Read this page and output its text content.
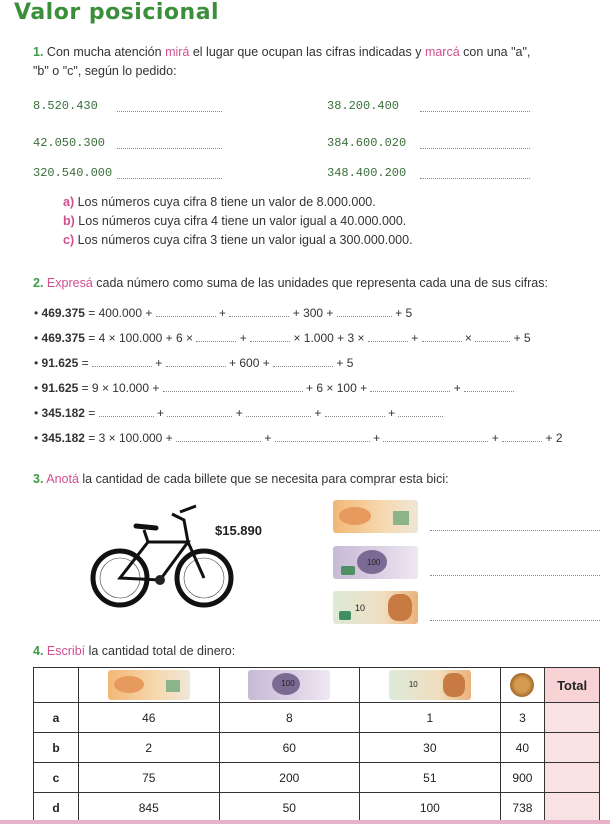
Valor posicional
1. Con mucha atención mirá el lugar que ocupan las cifras indicadas y marcá con una "a",
"b" o "c", según lo pedido:
8.520.430	38.200.400
42.050.300	384.600.020
320.540.000	348.400.200
a) Los números cuya cifra 8 tiene un valor de 8.000.000.
b) Los números cuya cifra 4 tiene un valor igual a 40.000.000.
c) Los números cuya cifra 3 tiene un valor igual a 300.000.000.
2. Expresá cada número como suma de las unidades que representa cada una de sus cifras:
• 469.375 = 400.000 +	+	+ 300 +	+ 5
• 469.375 = 4 × 100.000 + 6 ×	+	× 1.000 + 3 ×	+	×	+ 5
• 91.625 =	+	+ 600 +	+ 5
• 91.625 = 9 × 10.000 +	+ 6 × 100 +	+
• 345.182 =	+	+	+	+
• 345.182 = 3 × 100.000 +	+	+	+	+ 2
3. Anotá la cantidad de cada billete que se necesita para comprar esta bici:
$15.890
100
10
4. Escribí la cantidad total de dinero:

		100	10		Total
a	46	8	1	3	
b	2	60	30	40	
c	75	200	51	900	
d	845	50	100	738	
